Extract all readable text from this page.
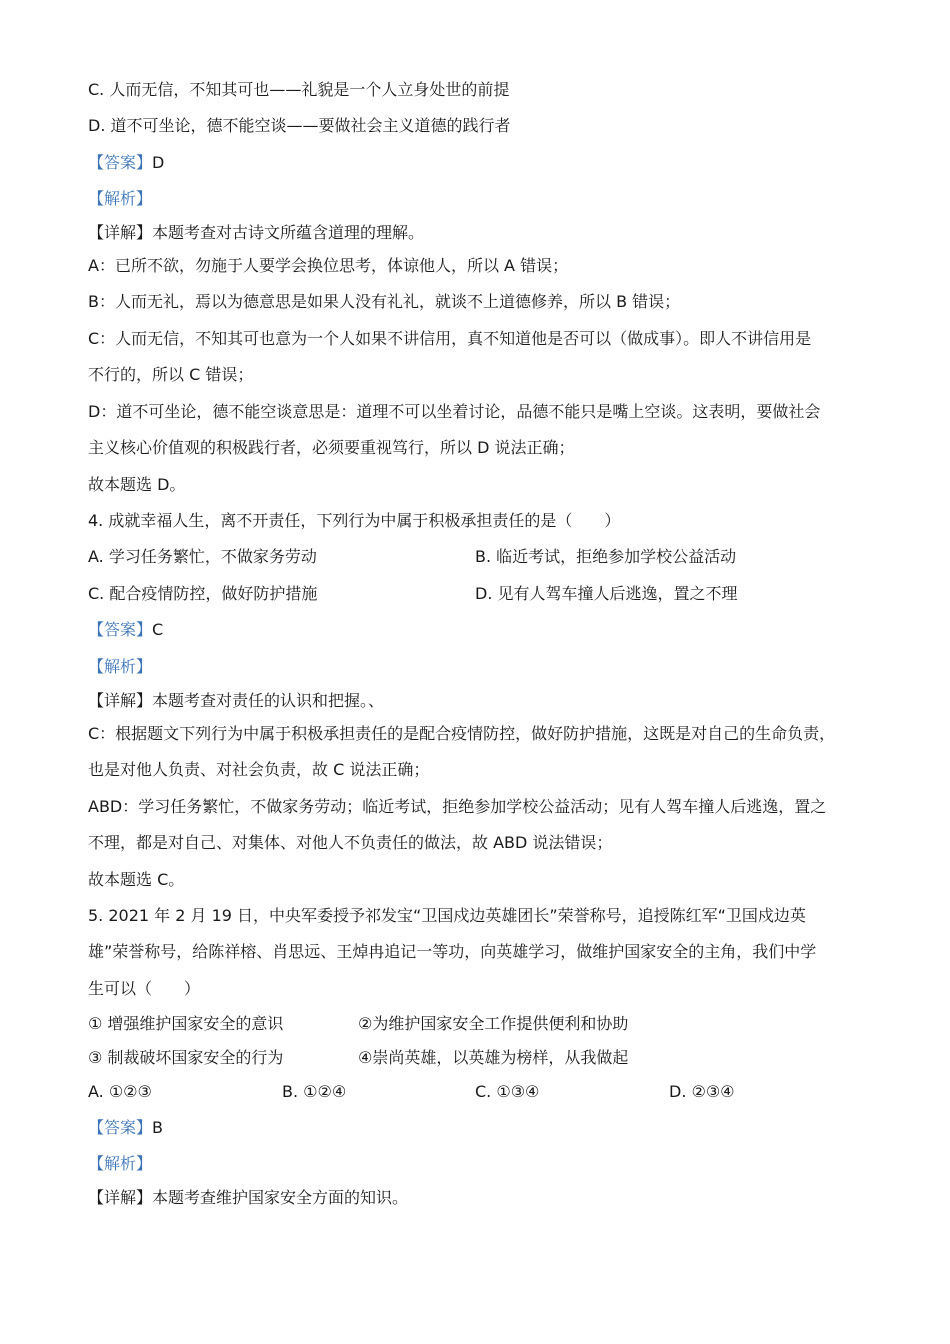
C. 人而无信，不知其可也——礼貌是一个人立身处世的前提
D. 道不可坐论，德不能空谈——要做社会主义道德的践行者
【答案】D
【解析】
【详解】本题考查对古诗文所蕴含道理的理解。
A：已所不欲，勿施于人要学会换位思考，体谅他人，所以 A 错误；
B：人而无礼，焉以为德意思是如果人没有礼礼，就谈不上道德修养，所以 B 错误；
C：人而无信，不知其可也意为一个人如果不讲信用，真不知道他是否可以（做成事）。即人不讲信用是
不行的，所以 C 错误；
D：道不可坐论，德不能空谈意思是：道理不可以坐着讨论，品德不能只是嘴上空谈。这表明，要做社会
主义核心价值观的积极践行者，必须要重视笃行，所以 D 说法正确；
故本题选 D。
4. 成就幸福人生，离不开责任，下列行为中属于积极承担责任的是（　　）
A. 学习任务繁忙，不做家务劳动	B. 临近考试，拒绝参加学校公益活动
C. 配合疫情防控，做好防护措施	D. 见有人驾车撞人后逃逸，置之不理
【答案】C
【解析】
【详解】本题考查对责任的认识和把握。、
C：根据题文下列行为中属于积极承担责任的是配合疫情防控，做好防护措施，这既是对自己的生命负责，
也是对他人负责、对社会负责，故 C 说法正确；
ABD：学习任务繁忙，不做家务劳动；临近考试，拒绝参加学校公益活动；见有人驾车撞人后逃逸，置之
不理，都是对自己、对集体、对他人不负责任的做法，故 ABD 说法错误；
故本题选 C。
5. 2021 年 2 月 19 日，中央军委授予祁发宝“卫国戍边英雄团长”荣誉称号，追授陈红军“卫国戍边英
雄”荣誉称号，给陈祥榕、肖思远、王焯冉追记一等功，向英雄学习，做维护国家安全的主角，我们中学
生可以（　　）
① 增强维护国家安全的意识	②为维护国家安全工作提供便利和协助
③ 制裁破坏国家安全的行为	④崇尚英雄，以英雄为榜样，从我做起
A. ①②③	B. ①②④	C. ①③④	D. ②③④
【答案】B
【解析】
【详解】本题考查维护国家安全方面的知识。
